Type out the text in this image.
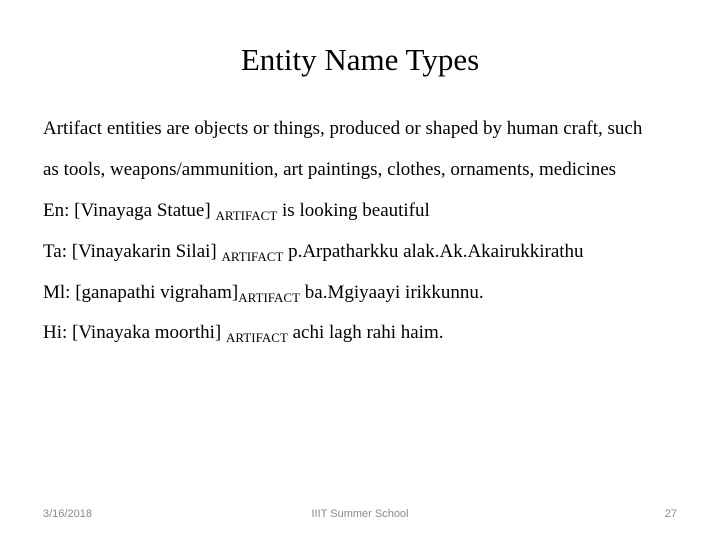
Entity Name Types
Artifact entities are objects or things, produced or shaped by human craft, such
as tools, weapons/ammunition, art paintings, clothes, ornaments, medicines
En: [Vinayaga Statue] $_{ARTIFACT}$ is looking beautiful
Ta: [Vinayakarin Silai] $_{ARTIFACT}$ p.Arpatharkku alak.Ak.Akairukkirathu
Ml: [ganapathi $vigraham]_{ARTIFACT}$ ba.Mgiyaayi irikkunnu.
Hi: [Vinayaka moorthi] $_{ARTIFACT}$ achi lagh rahi haim.
3/16/2018	IIIT Summer School	27
